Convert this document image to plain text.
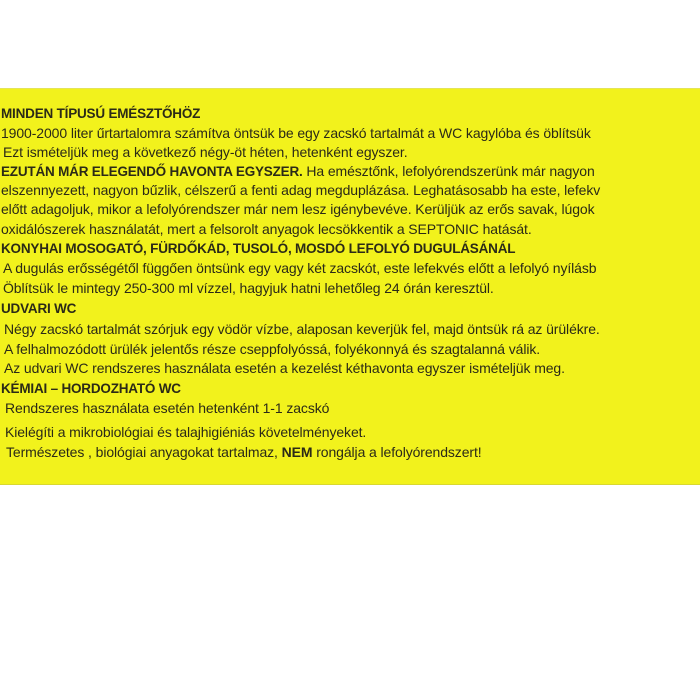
MINDEN TÍPUSÚ EMÉSZTŐHÖZ
1900-2000 liter űrtartalomra számítva öntsük be egy zacskó tartalmát a WC kagylóba és öblítsük
Ezt ismételjük meg a következő négy-öt héten, hetenként egyszer.
EZUTÁN MÁR ELEGENDŐ HAVONTA EGYSZER. Ha emésztőnk, lefolyórendszerünk már nagyon
elszennyezett, nagyon bűzlik, célszerű a fenti adag megduplázása. Leghatásosabb ha este, lefekv
előtt adagoljuk, mikor a lefolyórendszer már nem lesz igénybevéve. Kerüljük az erős savak, lúgok
oxidálószerek használatát, mert a felsorolt anyagok lecsökkentik a SEPTONIC hatását.
KONYHAI MOSOGATÓ, FÜRDŐKÁD, TUSOLÓ, MOSDÓ LEFOLYÓ DUGULÁSÁNÁL
A dugulás erősségétől függően öntsünk egy vagy két zacskót, este lefekvés előtt a lefolyó nyílásb
Öblítsük le mintegy 250-300 ml vízzel, hagyjuk hatni lehetőleg 24 órán keresztül.
UDVARI WC
Négy zacskó tartalmát szórjuk egy vödör vízbe, alaposan keverjük fel, majd öntsük rá az ürülékre.
A felhalmozódott ürülék jelentős része cseppfolyóssá, folyékonnyá és szagtalanná válik.
Az udvari WC rendszeres használata esetén a kezelést kéthavonta egyszer ismételjük meg.
KÉMIAI – HORDOZHATÓ WC
Rendszeres használata esetén hetenként 1-1 zacskó
Kielégíti a mikrobiológiai és talajhigiéniás követelményeket.
Természetes , biológiai anyagokat tartalmaz, NEM rongálja a lefolyórendszert!
